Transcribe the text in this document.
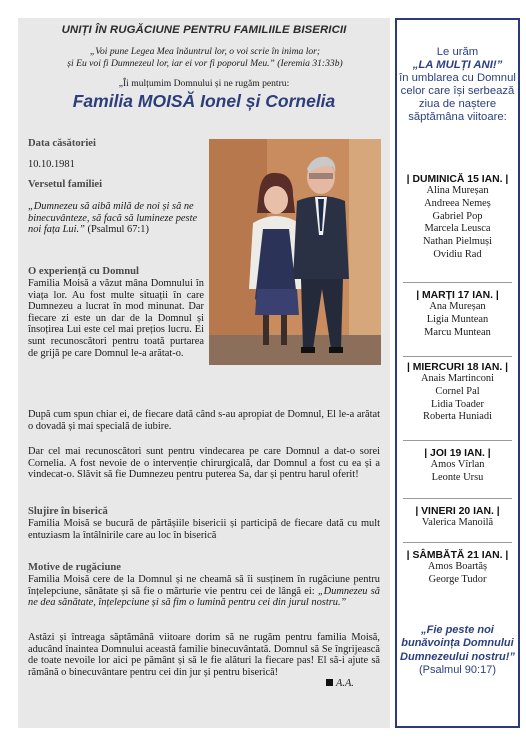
UNIȚI ÎN RUGĂCIUNE PENTRU FAMILIILE BISERICII
„Voi pune Legea Mea înăuntrul lor, o voi scrie în inima lor;
și Eu voi fi Dumnezeul lor, iar ei vor fi poporul Meu.” (Ieremia 31:33b)
„Îi mulțumim Domnului și ne rugăm pentru:
Familia MOISĂ Ionel și Cornelia
Data căsătoriei
10.10.1981
Versetul familiei
„Dumnezeu să aibă milă de noi și să ne binecuvânteze, să facă să lumineze peste noi fața Lui.” (Psalmul 67:1)
O experiență cu Domnul
Familia Moisă a văzut mâna Domnului în viața lor. Au fost multe situații în care Dumnezeu a lucrat în mod minunat. Dar fiecare zi este un dar de la Domnul și însoțirea Lui este cel mai prețios lucru. Ei sunt recunoscători pentru toată purtarea de grijă pe care Domnul le-a arătat-o.
După cum spun chiar ei, de fiecare dată când s-au apropiat de Domnul, El le-a arătat o dovadă și mai specială de iubire.
Dar cel mai recunoscători sunt pentru vindecarea pe care Domnul a dat-o sorei Cornelia. A fost nevoie de o intervenție chirurgicală, dar Domnul a fost cu ea și a vindecat-o. Slăvit să fie Dumnezeu pentru puterea Sa, dar și pentru harul oferit!
Slujire în biserică
Familia Moisă se bucură de părtășiile bisericii și participă de fiecare dată cu mult entuziasm la întâlnirile care au loc în biserică
Motive de rugăciune
Familia Moisă cere de la Domnul și ne cheamă să îi susținem în rugăciune pentru înțelepciune, sănătate și să fie o mărturie vie pentru cei de lângă ei: „Dumnezeu să ne dea sănătate, înțelepciune și să fim o lumină pentru cei din jurul nostru.”
Astăzi și întreaga săptămână viitoare dorim să ne rugăm pentru familia Moisă, aducând înaintea Domnului această familie binecuvântată. Domnul să Se îngrijească de toate nevoile lor aici pe pământ și să le fie alături la fiecare pas! El să-i ajute să rămână o binecuvântare pentru cei din jur și pentru biserică!
A.A.
Le urăm
„LA MULȚI ANI!”
în umblarea cu Domnul celor care își serbează ziua de naștere săptămâna viitoare:
| DUMINICĂ 15 IAN. |
Alina Mureșan
Andreea Nemeș
Gabriel Pop
Marcela Leusca
Nathan Pielmuși
Ovidiu Rad
| MARȚI 17 IAN. |
Ana Mureșan
Ligia Muntean
Marcu Muntean
| MIERCURI 18 IAN. |
Anais Martinconi
Cornel Pal
Lidia Toader
Roberta Huniadi
| JOI 19 IAN. |
Amos Vîrlan
Leonte Ursu
| VINERI 20 IAN. |
Valerica Manoilă
| SÂMBĂTĂ 21 IAN. |
Amos Boartăș
George Tudor
„Fie peste noi bunăvoința Domnului Dumnezeului nostru!”
(Psalmul 90:17)
